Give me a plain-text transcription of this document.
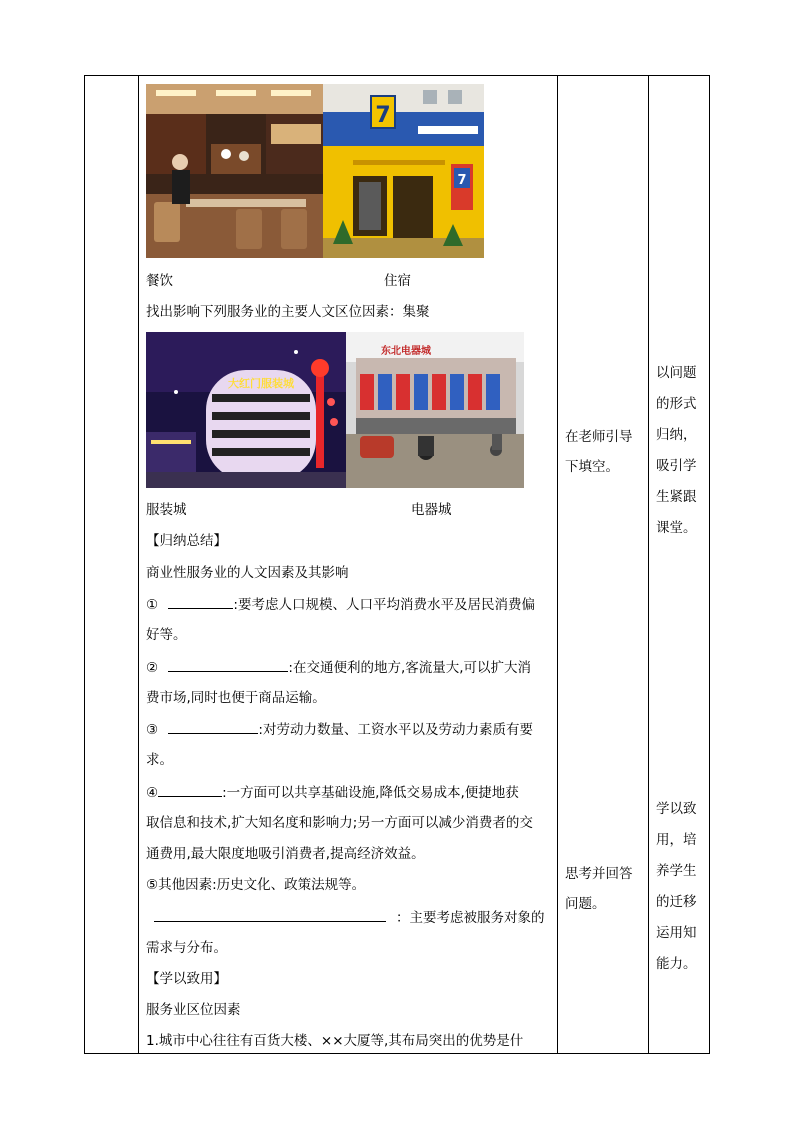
7
7
餐饮	住宿
找出影响下列服务业的主要人文区位因素：集聚
大红门服装城
东北电器城
服装城	电器城
【归纳总结】
商业性服务业的人文因素及其影响
①	:要考虑人口规模、人口平均消费水平及居民消费偏
好等。
②	:在交通便利的地方,客流量大,可以扩大消
费市场,同时也便于商品运输。
③	:对劳动力数量、工资水平以及劳动力素质有要
求。
④	:一方面可以共享基础设施,降低交易成本,便捷地获
取信息和技术,扩大知名度和影响力;另一方面可以减少消费者的交
通费用,最大限度地吸引消费者,提高经济效益。
⑤其他因素:历史文化、政策法规等。
：主要考虑被服务对象的
需求与分布。
【学以致用】
服务业区位因素
1.城市中心往往有百货大楼、××大厦等,其布局突出的优势是什
在老师引导
下填空。
思考并回答
问题。
以问题
的形式
归纳，
吸引学
生紧跟
课堂。
学以致
用，培
养学生
的迁移
运用知
能力。
